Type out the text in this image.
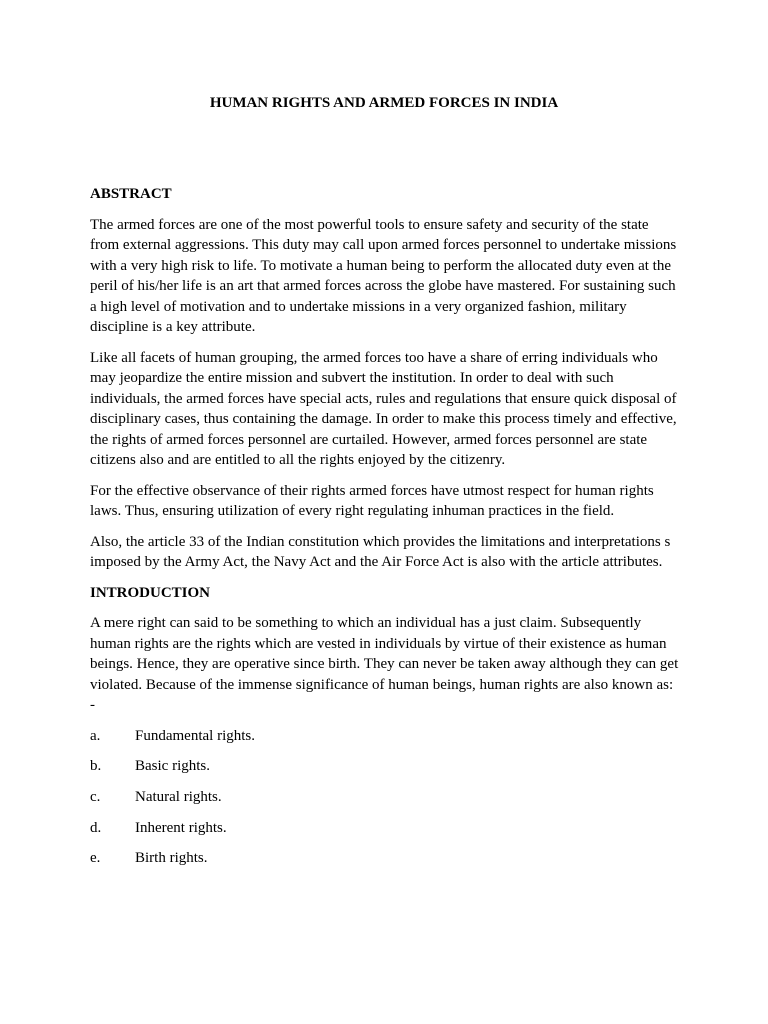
HUMAN RIGHTS AND ARMED FORCES IN INDIA
ABSTRACT

The armed forces are one of the most powerful tools to ensure safety and security of the state from external aggressions. This duty may call upon armed forces personnel to undertake missions with a very high risk to life. To motivate a human being to perform the allocated duty even at the peril of his/her life is an art that armed forces across the globe have mastered. For sustaining such a high level of motivation and to undertake missions in a very organized fashion, military discipline is a key attribute.

Like all facets of human grouping, the armed forces too have a share of erring individuals who may jeopardize the entire mission and subvert the institution. In order to deal with such individuals, the armed forces have special acts, rules and regulations that ensure quick disposal of disciplinary cases, thus containing the damage. In order to make this process timely and effective, the rights of armed forces personnel are curtailed. However, armed forces personnel are state citizens also and are entitled to all the rights enjoyed by the citizenry.

For the effective observance of their rights armed forces have utmost respect for human rights laws. Thus, ensuring utilization of every right regulating inhuman practices in the field.

Also, the article 33 of the Indian constitution which provides the limitations and interpretations s imposed by the Army Act, the Navy Act and the Air Force Act is also with the article attributes.

INTRODUCTION

A mere right can said to be something to which an individual has a just claim. Subsequently human rights are the rights which are vested in individuals by virtue of their existence as human beings. Hence, they are operative since birth. They can never be taken away although they can get violated. Because of the immense significance of human beings, human rights are also known as: -

a.	Fundamental rights.
b.	Basic rights.
c.	Natural rights.
d.	Inherent rights.
e.	Birth rights.
